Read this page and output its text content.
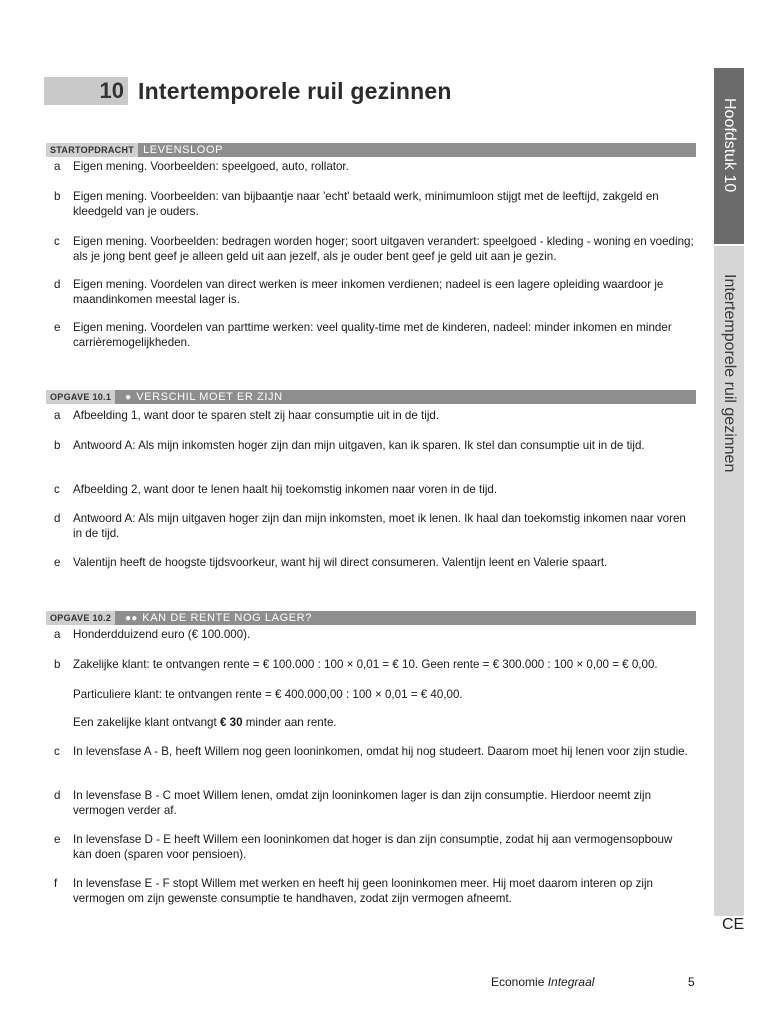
10 Intertemporele ruil gezinnen
Hoofdstuk 10
Intertemporele ruil gezinnen
CE
STARTOPDRACHT LEVENSLOOP
a	Eigen mening. Voorbeelden: speelgoed, auto, rollator.
b	Eigen mening. Voorbeelden: van bijbaantje naar 'echt' betaald werk, minimumloon stijgt met de leeftijd, zakgeld en kleedgeld van je ouders.
c	Eigen mening. Voorbeelden: bedragen worden hoger; soort uitgaven verandert: speelgoed - kleding - woning en voeding; als je jong bent geef je alleen geld uit aan jezelf, als je ouder bent geef je geld uit aan je gezin.
d	Eigen mening. Voordelen van direct werken is meer inkomen verdienen; nadeel is een lagere opleiding waardoor je maandinkomen meestal lager is.
e	Eigen mening. Voordelen van parttime werken: veel quality-time met de kinderen, nadeel: minder inkomen en minder carrièremogelijkheden.
OPGAVE 10.1	● VERSCHIL MOET ER ZIJN
a	Afbeelding 1, want door te sparen stelt zij haar consumptie uit in de tijd.
b	Antwoord A: Als mijn inkomsten hoger zijn dan mijn uitgaven, kan ik sparen. Ik stel dan consumptie uit in de tijd.
c	Afbeelding 2, want door te lenen haalt hij toekomstig inkomen naar voren in de tijd.
d	Antwoord A: Als mijn uitgaven hoger zijn dan mijn inkomsten, moet ik lenen. Ik haal dan toekomstig inkomen naar voren in de tijd.
e	Valentijn heeft de hoogste tijdsvoorkeur, want hij wil direct consumeren. Valentijn leent en Valerie spaart.
OPGAVE 10.2	●● KAN DE RENTE NOG LAGER?
a	Honderdduizend euro (€ 100.000).
b	Zakelijke klant: te ontvangen rente = € 100.000 : 100 × 0,01 = € 10. Geen rente = € 300.000 : 100 × 0,00 = € 0,00.
Particuliere klant: te ontvangen rente = € 400.000,00 : 100 × 0,01 = € 40,00.
Een zakelijke klant ontvangt € 30 minder aan rente.
c	In levensfase A - B, heeft Willem nog geen looninkomen, omdat hij nog studeert. Daarom moet hij lenen voor zijn studie.
d	In levensfase B - C moet Willem lenen, omdat zijn looninkomen lager is dan zijn consumptie. Hierdoor neemt zijn vermogen verder af.
e	In levensfase D - E heeft Willem een looninkomen dat hoger is dan zijn consumptie, zodat hij aan vermogensopbouw kan doen (sparen voor pensioen).
f	In levensfase E - F stopt Willem met werken en heeft hij geen looninkomen meer. Hij moet daarom interen op zijn vermogen om zijn gewenste consumptie te handhaven, zodat zijn vermogen afneemt.
Economie Integraal	5
